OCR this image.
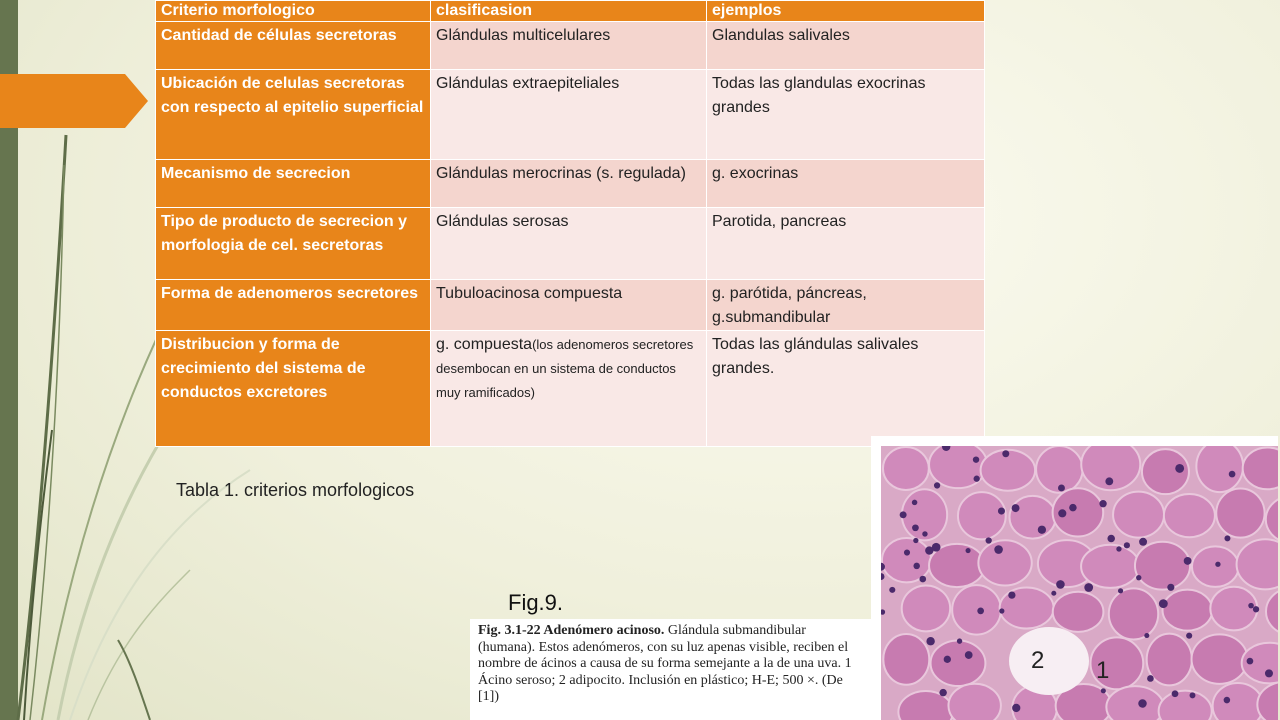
Criterio morfologico	clasificasion	ejemplos
Cantidad de células secretoras	Glándulas multicelulares	Glandulas salivales
Ubicación de celulas secretoras con respecto al epitelio superficial	Glándulas extraepiteliales	Todas las glandulas exocrinas grandes
Mecanismo de secrecion	Glándulas merocrinas (s. regulada)	g. exocrinas
Tipo de producto de secrecion y morfologia de cel. secretoras	Glándulas serosas	Parotida, pancreas
Forma de adenomeros secretores	Tubuloacinosa compuesta	g. parótida, páncreas, g.submandibular
Distribucion y forma de crecimiento del sistema de conductos excretores	g. compuesta(los adenomeros secretores desembocan en un sistema de conductos muy ramificados)	Todas las glándulas salivales grandes.
Tabla 1. criterios morfologicos
Fig.9.
Fig. 3.1-22 Adenómero acinoso. Glándula submandibular (humana). Estos adenómeros, con su luz apenas visible, reciben el nombre de ácinos a causa de su forma semejante a la de una uva. 1 Ácino seroso; 2 adipocito. Inclusión en plástico; H-E; 500 ×. (De [1])
2 1
